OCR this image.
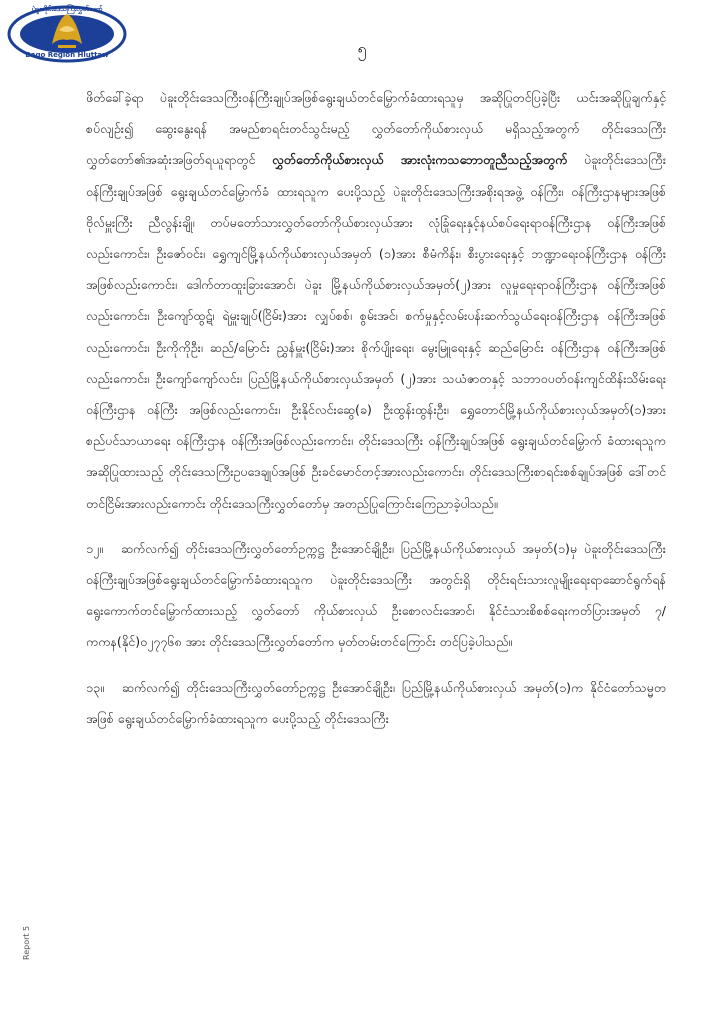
ပဲခူးတိုင်းဒေသကြီးလွှတ်တော်
Bago Region Hluttaw	၅

ဖိတ်ခေါ်ခဲ့ရာ ပဲခူးတိုင်းဒေသကြီးဝန်ကြီးချုပ်အဖြစ်ရွေးချယ်တင်မြှောက်ခံထားရသူမှ အဆိုပြုတင်ပြခဲ့ပြီး ယင်းအဆိုပြုချက်နှင့်စပ်လျဉ်း၍ ဆွေးနွေးရန် အမည်စာရင်းတင်သွင်းမည့် လွှတ်တော်ကိုယ်စားလှယ် မရှိသည့်အတွက် တိုင်းဒေသကြီး လွှတ်တော်၏အဆုံးအဖြတ်ရယူရာတွင် လွှတ်တော်ကိုယ်စားလှယ် အားလုံးကသဘောတူညီသည့်အတွက် ပဲခူးတိုင်းဒေသကြီးဝန်ကြီးချုပ်အဖြစ် ရွေးချယ်တင်မြှောက်ခံ ထားရသူက ပေးပို့သည့် ပဲခူးတိုင်းဒေသကြီးအစိုးရအဖွဲ့ ဝန်ကြီး၊ ဝန်ကြီးဌာနများအဖြစ် ဗိုလ်မှူးကြီး ညီလွန်းချို၊ တပ်မတော်သားလွှတ်တော်ကိုယ်စားလှယ်အား လုံခြုံရေးနှင့်နယ်စပ်ရေးရာဝန်ကြီးဌာန ဝန်ကြီးအဖြစ်လည်းကောင်း၊ ဦးဇော်ဝင်း၊ ရွှေကျင်မြို့နယ်ကိုယ်စားလှယ်အမှတ် (၁)အား စီမံကိန်း၊ စီးပွားရေးနှင့် ဘဏ္ဍာရေးဝန်ကြီးဌာန ဝန်ကြီးအဖြစ်လည်းကောင်း၊ ဒေါက်တာထူးခြားအောင်၊ ပဲခူး မြို့နယ်ကိုယ်စားလှယ်အမှတ်(၂)အား လူမှုရေးရာဝန်ကြီးဌာန ဝန်ကြီးအဖြစ်လည်းကောင်း၊ ဦးကျော်ထွဋ်၊ ရဲမှူးချုပ်(ငြိမ်း)အား လျှပ်စစ်၊ စွမ်းအင်၊ စက်မှုနှင့်လမ်းပန်းဆက်သွယ်ရေးဝန်ကြီးဌာန ဝန်ကြီးအဖြစ် လည်းကောင်း၊ ဦးကိုကိုဦး၊ ဆည်/မြောင်း ညွှန်မှူး(ငြိမ်း)အား စိုက်ပျိုးရေး၊ မွေးမြူရေးနှင့် ဆည်မြောင်း ဝန်ကြီးဌာန ဝန်ကြီးအဖြစ်လည်းကောင်း၊ ဦးကျော်ကျော်လင်း၊ ပြည်မြို့နယ်ကိုယ်စားလှယ်အမှတ် (၂)အား သယံဇာတနှင့် သဘာဝပတ်ဝန်းကျင်ထိန်းသိမ်းရေးဝန်ကြီးဌာန ဝန်ကြီး အဖြစ်လည်းကောင်း၊ ဦးနိုင်လင်းဆွေ(ခ) ဦးထွန်းထွန်းဦး၊ ရွှေတောင်မြို့နယ်ကိုယ်စားလှယ်အမှတ်(၁)အား စည်ပင်သာယာရေး ဝန်ကြီးဌာန ဝန်ကြီးအဖြစ်လည်းကောင်း၊ တိုင်းဒေသကြီး ဝန်ကြီးချုပ်အဖြစ် ရွေးချယ်တင်မြှောက် ခံထားရသူက အဆိုပြုထားသည့် တိုင်းဒေသကြီးဥပဒေချုပ်အဖြစ် ဦးခင်မောင်တင့်အားလည်းကောင်း၊ တိုင်းဒေသကြီးစာရင်းစစ်ချုပ်အဖြစ် ဒေါ်တင်တင်ငြိမ်းအားလည်းကောင်း တိုင်းဒေသကြီးလွှတ်တော်မှ အတည်ပြုကြောင်းကြေညာခဲ့ပါသည်။

၁၂။ ဆက်လက်၍ တိုင်းဒေသကြီးလွှတ်တော်ဥက္ကဋ္ဌ ဦးအောင်ချိုဦး၊ ပြည်မြို့နယ်ကိုယ်စားလှယ် အမှတ်(၁)မှ ပဲခူးတိုင်းဒေသကြီးဝန်ကြီးချုပ်အဖြစ်ရွေးချယ်တင်မြှောက်ခံထားရသူက ပဲခူးတိုင်းဒေသကြီး အတွင်းရှိ တိုင်းရင်းသားလူမျိုးရေးရာဆောင်ရွက်ရန် ရွေးကောက်တင်မြှောက်ထားသည့် လွှတ်တော် ကိုယ်စားလှယ် ဦးစောလင်းအောင်၊ နိုင်ငံသားစိစစ်ရေးကတ်ပြားအမှတ် ၇/ကကန(နိုင်)၀၂၇၇၆၈ အား တိုင်းဒေသကြီးလွှတ်တော်က မှတ်တမ်းတင်ကြောင်း တင်ပြခဲ့ပါသည်။

၁၃။ ဆက်လက်၍ တိုင်းဒေသကြီးလွှတ်တော်ဥက္ကဋ္ဌ ဦးအောင်ချိုဦး၊ ပြည်မြို့နယ်ကိုယ်စားလှယ် အမှတ်(၁)က နိုင်ငံတော်သမ္မတအဖြစ် ရွေးချယ်တင်မြှောက်ခံထားရသူက ပေးပို့သည့် တိုင်းဒေသကြီး

Report 5
